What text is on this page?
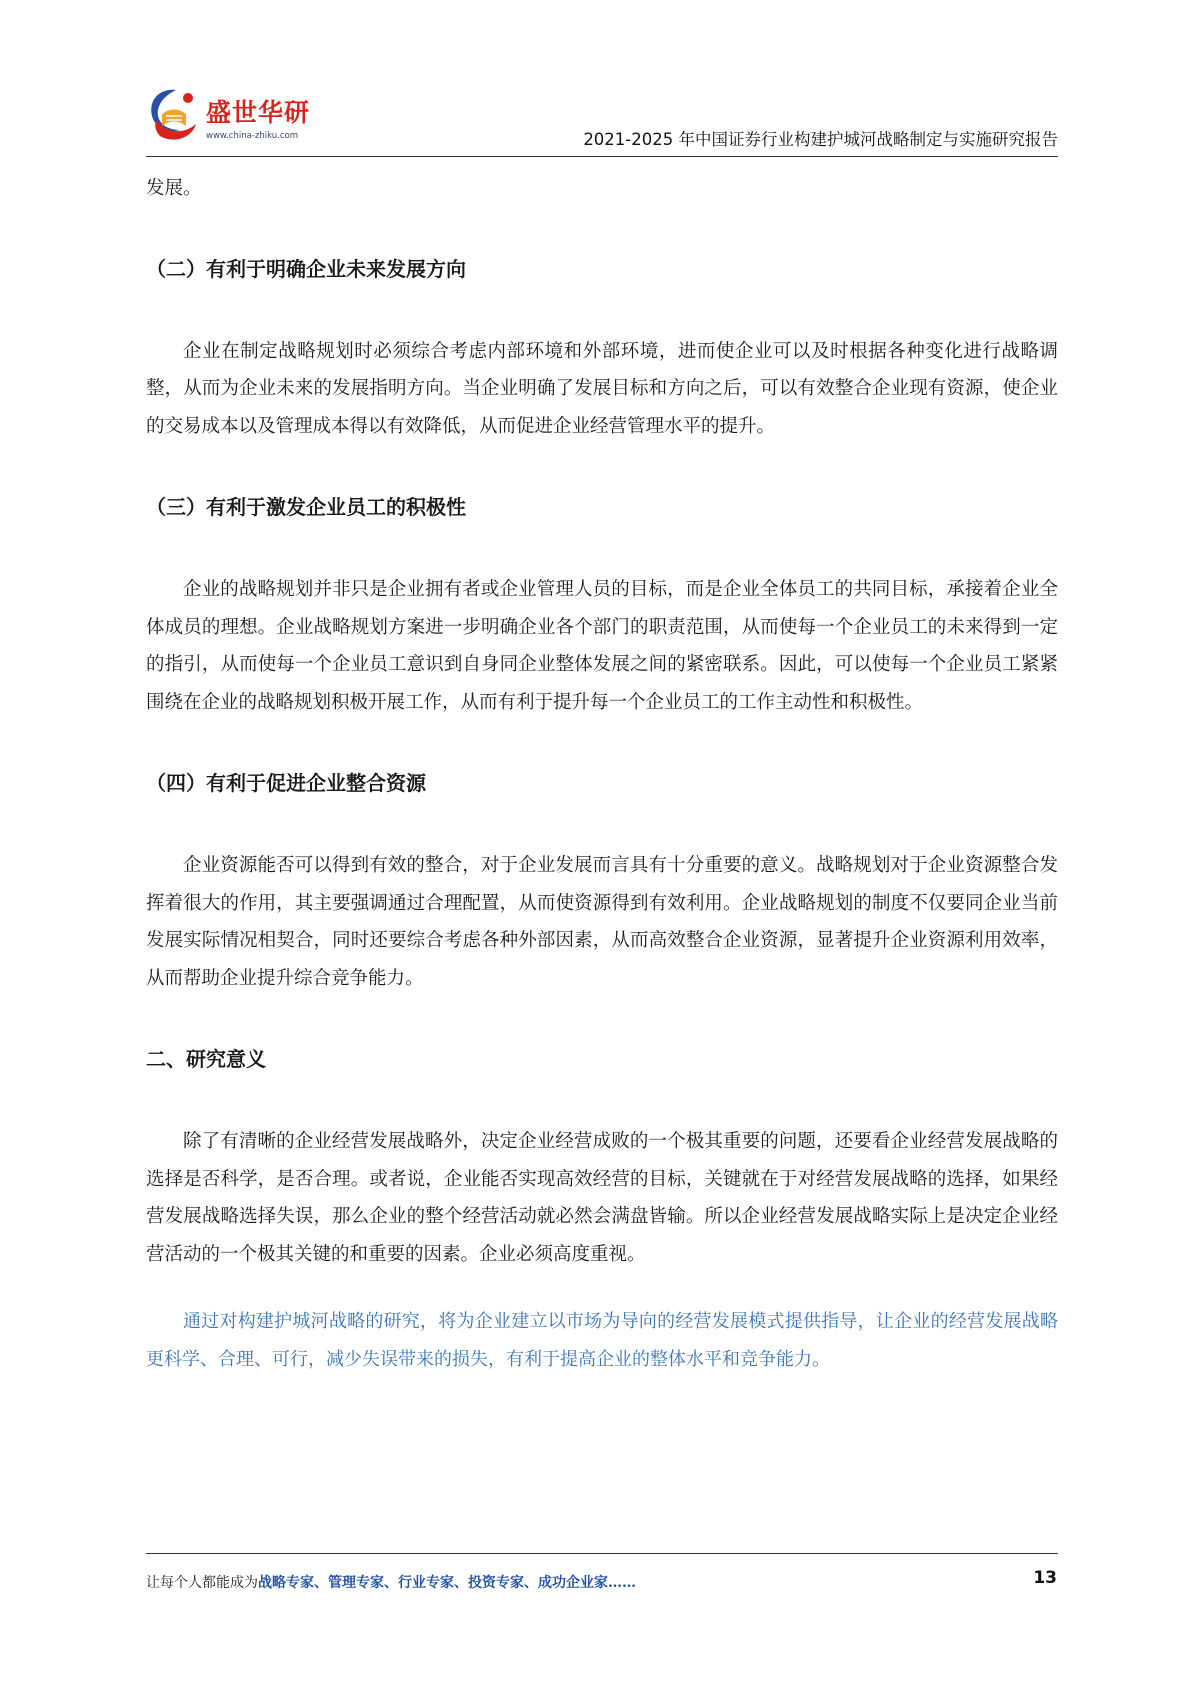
盛世华研
www.china-zhiku.com	2021-2025 年中国证券行业构建护城河战略制定与实施研究报告

发展。

（二）有利于明确企业未来发展方向

企业在制定战略规划时必须综合考虑内部环境和外部环境，进而使企业可以及时根据各种变化进行战略调整，从而为企业未来的发展指明方向。当企业明确了发展目标和方向之后，可以有效整合企业现有资源，使企业的交易成本以及管理成本得以有效降低，从而促进企业经营管理水平的提升。

（三）有利于激发企业员工的积极性

企业的战略规划并非只是企业拥有者或企业管理人员的目标，而是企业全体员工的共同目标，承接着企业全体成员的理想。企业战略规划方案进一步明确企业各个部门的职责范围，从而使每一个企业员工的未来得到一定的指引，从而使每一个企业员工意识到自身同企业整体发展之间的紧密联系。因此，可以使每一个企业员工紧紧围绕在企业的战略规划积极开展工作，从而有利于提升每一个企业员工的工作主动性和积极性。

（四）有利于促进企业整合资源

企业资源能否可以得到有效的整合，对于企业发展而言具有十分重要的意义。战略规划对于企业资源整合发挥着很大的作用，其主要强调通过合理配置，从而使资源得到有效利用。企业战略规划的制度不仅要同企业当前发展实际情况相契合，同时还要综合考虑各种外部因素，从而高效整合企业资源，显著提升企业资源利用效率，从而帮助企业提升综合竞争能力。

二、研究意义

除了有清晰的企业经营发展战略外，决定企业经营成败的一个极其重要的问题，还要看企业经营发展战略的选择是否科学，是否合理。或者说，企业能否实现高效经营的目标，关键就在于对经营发展战略的选择，如果经营发展战略选择失误，那么企业的整个经营活动就必然会满盘皆输。所以企业经营发展战略实际上是决定企业经营活动的一个极其关键的和重要的因素。企业必须高度重视。

通过对构建护城河战略的研究，将为企业建立以市场为导向的经营发展模式提供指导，让企业的经营发展战略更科学、合理、可行，减少失误带来的损失，有利于提高企业的整体水平和竞争能力。

让每个人都能成为战略专家、管理专家、行业专家、投资专家、成功企业家……	13
